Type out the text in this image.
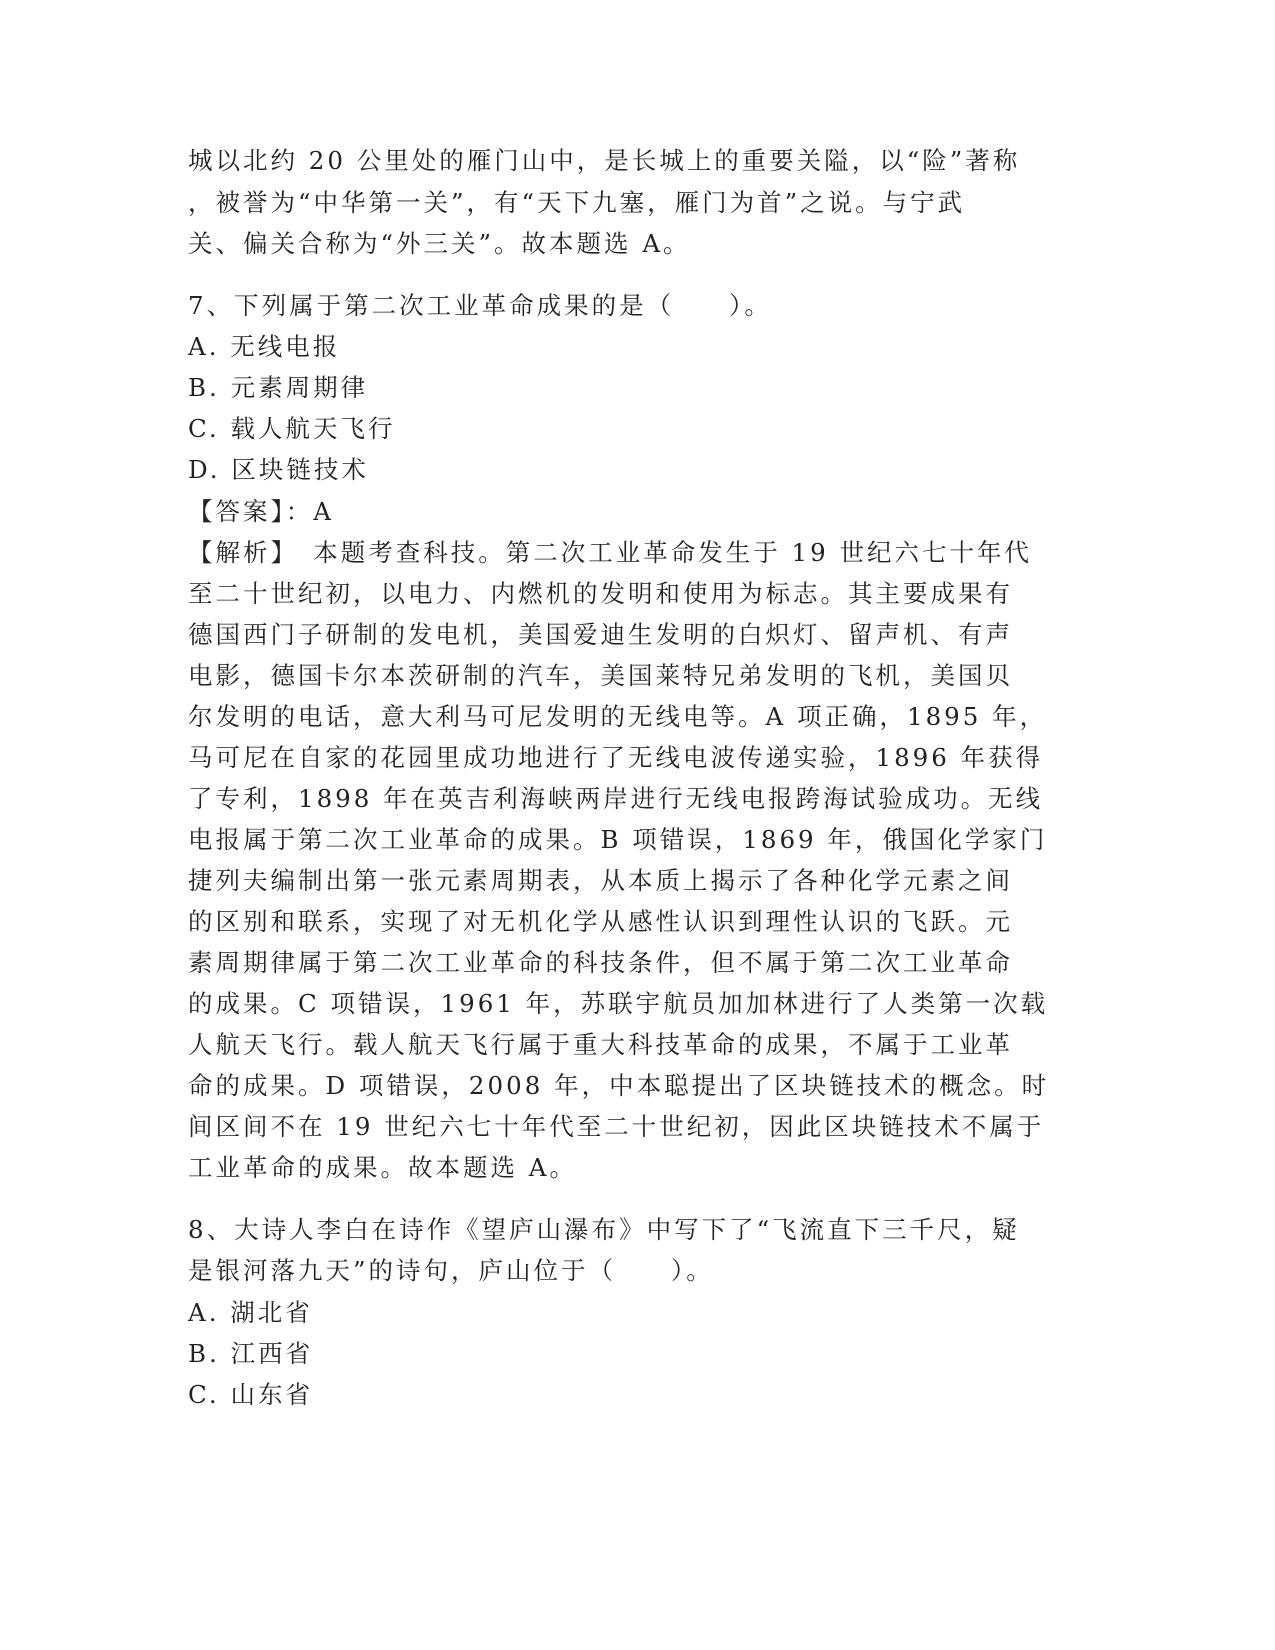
城以北约 20 公里处的雁门山中，是长城上的重要关隘，以“险”著称
，被誉为“中华第一关”，有“天下九塞，雁门为首”之说。与宁武
关、偏关合称为“外三关”。故本题选 A。
7、下列属于第二次工业革命成果的是（　　）。
A. 无线电报
B. 元素周期律
C. 载人航天飞行
D. 区块链技术
【答案】：A
【解析】　本题考查科技。第二次工业革命发生于 19 世纪六七十年代
至二十世纪初，以电力、内燃机的发明和使用为标志。其主要成果有
德国西门子研制的发电机，美国爱迪生发明的白炽灯、留声机、有声
电影，德国卡尔本茨研制的汽车，美国莱特兄弟发明的飞机，美国贝
尔发明的电话，意大利马可尼发明的无线电等。A 项正确，1895 年，
马可尼在自家的花园里成功地进行了无线电波传递实验，1896 年获得
了专利，1898 年在英吉利海峡两岸进行无线电报跨海试验成功。无线
电报属于第二次工业革命的成果。B 项错误，1869 年，俄国化学家门
捷列夫编制出第一张元素周期表，从本质上揭示了各种化学元素之间
的区别和联系，实现了对无机化学从感性认识到理性认识的飞跃。元
素周期律属于第二次工业革命的科技条件，但不属于第二次工业革命
的成果。C 项错误，1961 年，苏联宇航员加加林进行了人类第一次载
人航天飞行。载人航天飞行属于重大科技革命的成果，不属于工业革
命的成果。D 项错误，2008 年，中本聪提出了区块链技术的概念。时
间区间不在 19 世纪六七十年代至二十世纪初，因此区块链技术不属于
工业革命的成果。故本题选 A。
8、大诗人李白在诗作《望庐山瀑布》中写下了“飞流直下三千尺，疑
是银河落九天”的诗句，庐山位于（　　）。
A. 湖北省
B. 江西省
C. 山东省
